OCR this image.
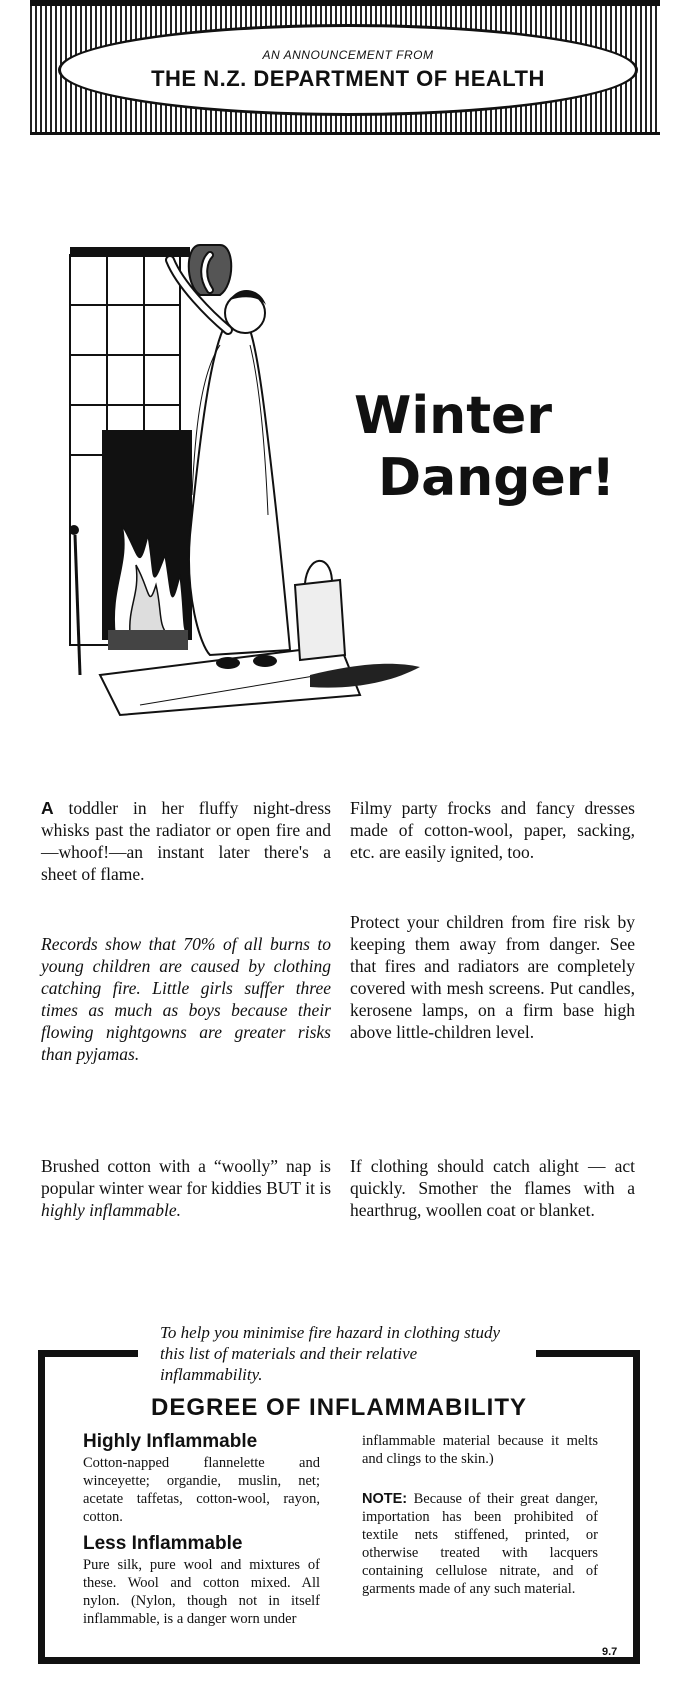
AN ANNOUNCEMENT FROM
THE N.Z. DEPARTMENT OF HEALTH
Winter
Danger!

A toddler in her fluffy night-dress whisks past the radiator or open fire and—whoof!—an instant later there's a sheet of flame.

Records show that 70% of all burns to young children are caused by clothing catching fire. Little girls suffer three times as much as boys because their flowing nightgowns are greater risks than pyjamas.

Brushed cotton with a “woolly” nap is popular winter wear for kiddies BUT it is highly inflammable.

Filmy party frocks and fancy dresses made of cotton-wool, paper, sacking, etc. are easily ignited, too.

Protect your children from fire risk by keeping them away from danger. See that fires and radiators are completely covered with mesh screens. Put candles, kerosene lamps, on a firm base high above little-children level.

If clothing should catch alight — act quickly. Smother the flames with a hearthrug, woollen coat or blanket.

To help you minimise fire hazard in clothing study this list of materials and their relative inflammability.
DEGREE OF INFLAMMABILITY
Highly Inflammable

Cotton-napped flannelette and winceyette; organdie, muslin, net; acetate taffetas, cotton-wool, rayon, cotton.

Less Inflammable

Pure silk, pure wool and mixtures of these. Wool and cotton mixed. All nylon. (Nylon, though not in itself inflammable, is a danger worn under

inflammable material because it melts and clings to the skin.)

NOTE: Because of their great danger, importation has been prohibited of textile nets stiffened, printed, or otherwise treated with lacquers containing cellulose nitrate, and of garments made of any such material.

9.7
